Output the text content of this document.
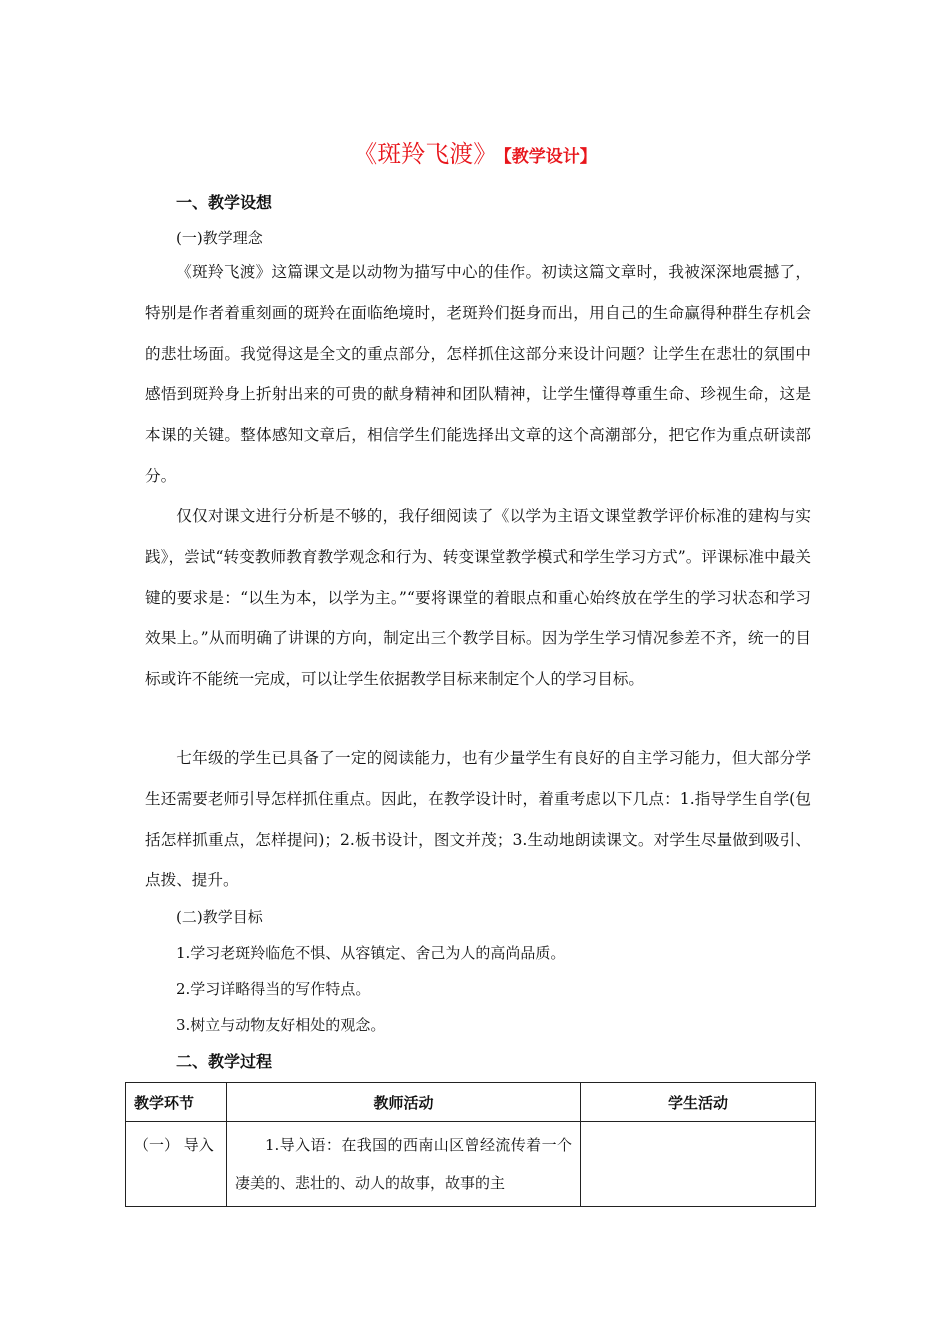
《斑羚飞渡》 【教学设计】
一、教学设想
(一)教学理念
《斑羚飞渡》这篇课文是以动物为描写中心的佳作。初读这篇文章时，我被深深地震撼了，特别是作者着重刻画的斑羚在面临绝境时，老斑羚们挺身而出，用自己的生命赢得种群生存机会的悲壮场面。我觉得这是全文的重点部分，怎样抓住这部分来设计问题？让学生在悲壮的氛围中感悟到斑羚身上折射出来的可贵的献身精神和团队精神，让学生懂得尊重生命、珍视生命，这是本课的关键。整体感知文章后，相信学生们能选择出文章的这个高潮部分，把它作为重点研读部分。
仅仅对课文进行分析是不够的，我仔细阅读了《以学为主语文课堂教学评价标准的建构与实践》，尝试“转变教师教育教学观念和行为、转变课堂教学模式和学生学习方式”。评课标准中最关键的要求是：“以生为本，以学为主。”“要将课堂的着眼点和重心始终放在学生的学习状态和学习效果上。”从而明确了讲课的方向，制定出三个教学目标。因为学生学习情况参差不齐，统一的目标或许不能统一完成，可以让学生依据教学目标来制定个人的学习目标。
七年级的学生已具备了一定的阅读能力，也有少量学生有良好的自主学习能力，但大部分学生还需要老师引导怎样抓住重点。因此，在教学设计时，着重考虑以下几点：1.指导学生自学(包括怎样抓重点，怎样提问)；2.板书设计，图文并茂；3.生动地朗读课文。对学生尽量做到吸引、点拨、提升。
(二)教学目标
1.学习老斑羚临危不惧、从容镇定、舍己为人的高尚品质。
2.学习详略得当的写作特点。
3.树立与动物友好相处的观念。
二、教学过程
教学环节	教师活动	学生活动

（一） 导入	1.导入语：在我国的西南山区曾经流传着一个凄美的、悲壮的、动人的故事，故事的主	
